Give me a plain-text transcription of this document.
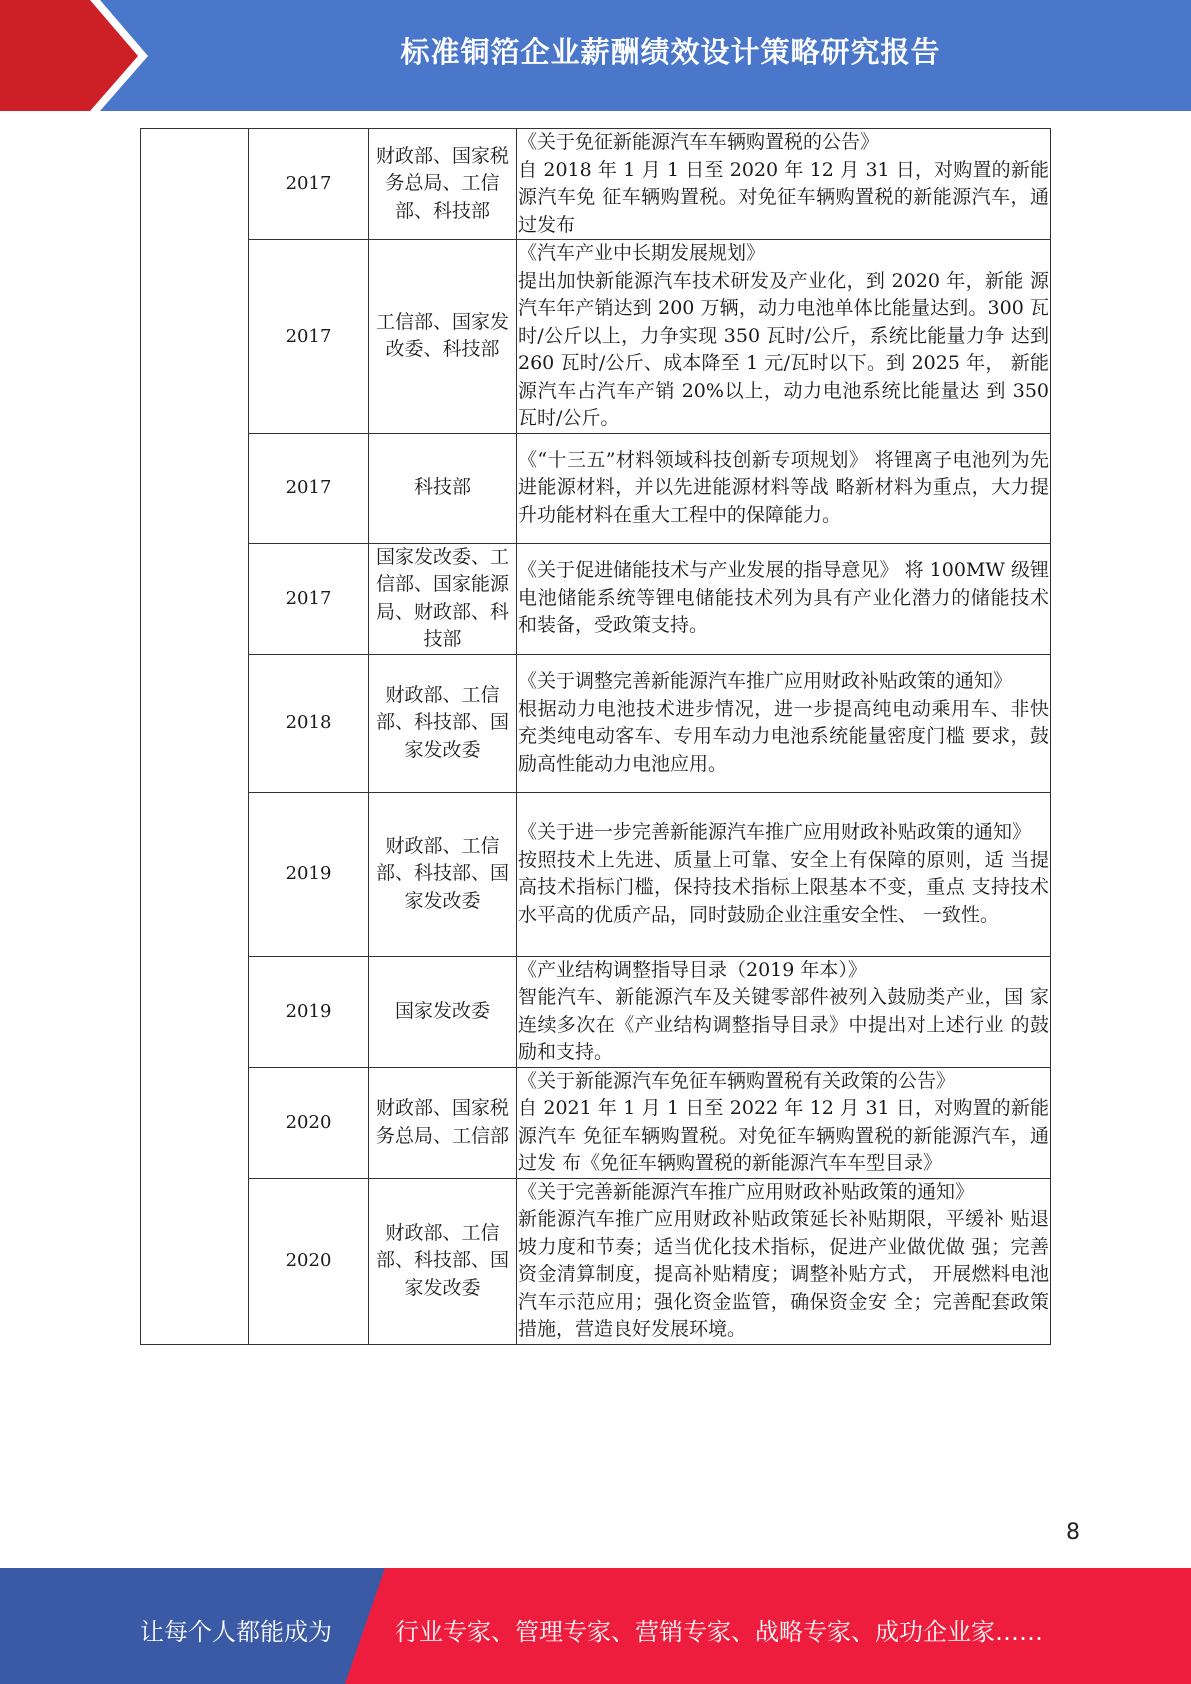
标准铜箔企业薪酬绩效设计策略研究报告
	2017	财政部、国家税 务总局、工信 部、科技部	《关于免征新能源汽车车辆购置税的公告》
自 2018 年 1 月 1 日至 2020 年 12 月 31 日，对购置的新能源汽车免 征车辆购置税。对免征车辆购置税的新能源汽车，通过发布

	2017	工信部、国家发 改委、科技部	《汽车产业中长期发展规划》
提出加快新能源汽车技术研发及产业化，到 2020 年，新能 源汽车年产销达到 200 万辆，动力电池单体比能量达到。300 瓦时/公斤以上，力争实现 350 瓦时/公斤，系统比能量力争 达到 260 瓦时/公斤、成本降至 1 元/瓦时以下。到 2025 年， 新能源汽车占汽车产销 20%以上，动力电池系统比能量达 到 350 瓦时/公斤。

	2017	科技部	《“十三五”材料领域科技创新专项规划》 将锂离子电池列为先进能源材料，并以先进能源材料等战 略新材料为重点，大力提升功能材料在重大工程中的保障能力。

	2017	国家发改委、工 信部、国家能源 局、财政部、科 技部	《关于促进储能技术与产业发展的指导意见》 将 100MW 级锂电池储能系统等锂电储能技术列为具有产业化潜力的储能技术和装备，受政策支持。

	2018	财政部、工信部、科技部、国 家发改委	《关于调整完善新能源汽车推广应用财政补贴政策的通知》
根据动力电池技术进步情况，进一步提高纯电动乘用车、非快充类纯电动客车、专用车动力电池系统能量密度门槛 要求，鼓励高性能动力电池应用。

	2019	财政部、工信部、科技部、国 家发改委	《关于进一步完善新能源汽车推广应用财政补贴政策的通知》
按照技术上先进、质量上可靠、安全上有保障的原则，适 当提高技术指标门槛，保持技术指标上限基本不变，重点 支持技术水平高的优质产品，同时鼓励企业注重安全性、 一致性。

	2019	国家发改委	《产业结构调整指导目录（2019 年本）》
智能汽车、新能源汽车及关键零部件被列入鼓励类产业，国 家连续多次在《产业结构调整指导目录》中提出对上述行业 的鼓励和支持。

	2020	财政部、国家税务总局、工信部	《关于新能源汽车免征车辆购置税有关政策的公告》
自 2021 年 1 月 1 日至 2022 年 12 月 31 日，对购置的新能源汽车 免征车辆购置税。对免征车辆购置税的新能源汽车，通过发 布《免征车辆购置税的新能源汽车车型目录》

	2020	财政部、工信部、科技部、国 家发改委	《关于完善新能源汽车推广应用财政补贴政策的通知》
新能源汽车推广应用财政补贴政策延长补贴期限，平缓补 贴退坡力度和节奏；适当优化技术指标，促进产业做优做 强；完善资金清算制度，提高补贴精度；调整补贴方式， 开展燃料电池汽车示范应用；强化资金监管，确保资金安 全；完善配套政策措施，营造良好发展环境。
8
让每个人都能成为	行业专家、管理专家、营销专家、战略专家、成功企业家……
